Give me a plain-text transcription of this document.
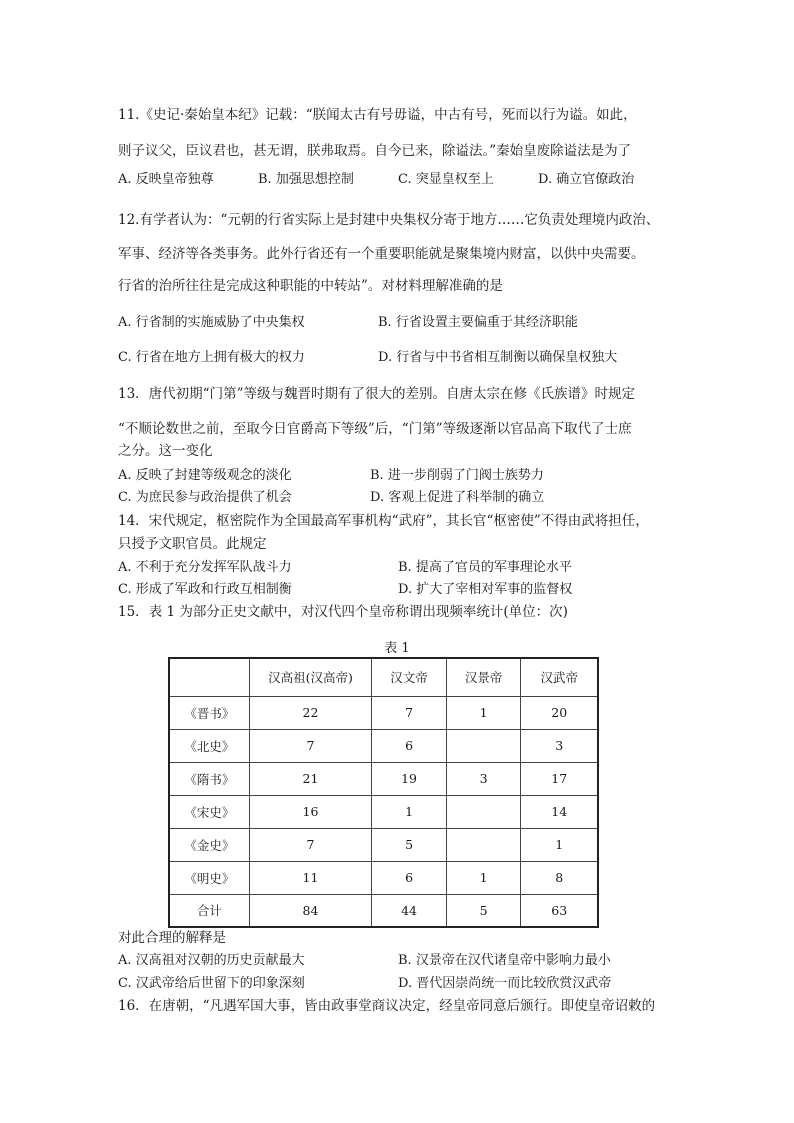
11.《史记·秦始皇本纪》记载：“朕闻太古有号毋谥，中古有号，死而以行为谥。如此，
则子议父，臣议君也，甚无谓，朕弗取焉。自今已来，除谥法。”秦始皇废除谥法是为了
A. 反映皇帝独尊	B. 加强思想控制	C. 突显皇权至上	D. 确立官僚政治
12.有学者认为：“元朝的行省实际上是封建中央集权分寄于地方……它负责处理境内政治、
军事、经济等各类事务。此外行省还有一个重要职能就是聚集境内财富，以供中央需要。
行省的治所往往是完成这种职能的中转站”。对材料理解准确的是
A. 行省制的实施威胁了中央集权	B. 行省设置主要偏重于其经济职能
C. 行省在地方上拥有极大的权力	D. 行省与中书省相互制衡以确保皇权独大
13．唐代初期“门第”等级与魏晋时期有了很大的差别。自唐太宗在修《氏族谱》时规定
“不顺论数世之前，至取今日官爵高下等级”后，“门第”等级逐渐以官品高下取代了士庶
之分。这一变化
A. 反映了封建等级观念的淡化	B. 进一步削弱了门阀士族势力
C. 为庶民参与政治提供了机会	D. 客观上促进了科举制的确立
14．宋代规定，枢密院作为全国最高军事机构“武府”，其长官“枢密使”不得由武将担任，
只授予文职官员。此规定
A. 不利于充分发挥军队战斗力	B. 提高了官员的军事理论水平
C. 形成了军政和行政互相制衡	D. 扩大了宰相对军事的监督权
15．表 1 为部分正史文献中，对汉代四个皇帝称谓出现频率统计(单位：次)
表 1
	汉高祖(汉高帝)	汉文帝	汉景帝	汉武帝
《晋书》	22	7	1	20
《北史》	7	6		3
《隋书》	21	19	3	17
《宋史》	16	1		14
《金史》	7	5		1
《明史》	11	6	1	8
合计	84	44	5	63
对此合理的解释是
A. 汉高祖对汉朝的历史贡献最大	B. 汉景帝在汉代诸皇帝中影响力最小
C. 汉武帝给后世留下的印象深刻	D. 晋代因崇尚统一而比较欣赏汉武帝
16．在唐朝，“凡遇军国大事，皆由政事堂商议决定，经皇帝同意后颁行。即使皇帝诏敕的
